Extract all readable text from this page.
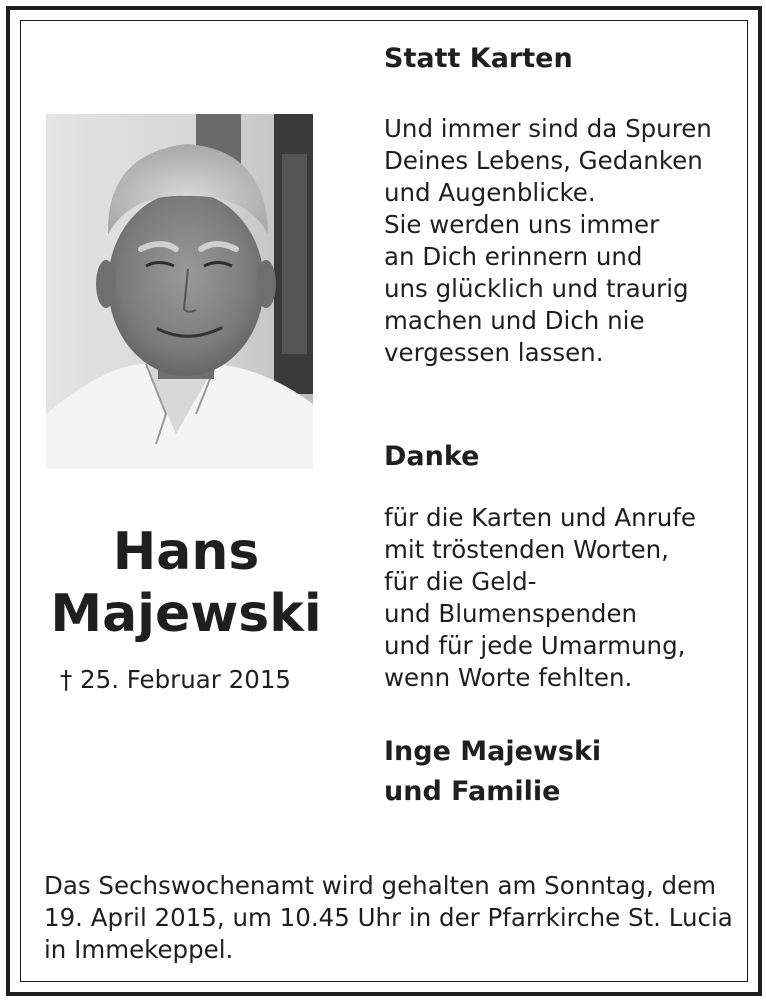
Hans
Majewski
† 25. Februar 2015
Statt Karten
Und immer sind da Spuren
Deines Lebens, Gedanken
und Augenblicke.
Sie werden uns immer
an Dich erinnern und
uns glücklich und traurig
machen und Dich nie
vergessen lassen.
Danke
für die Karten und Anrufe
mit tröstenden Worten,
für die Geld-
und Blumenspenden
und für jede Umarmung,
wenn Worte fehlten.
Inge Majewski
und Familie
Das Sechswochenamt wird gehalten am Sonntag, dem
19. April 2015, um 10.45 Uhr in der Pfarrkirche St. Lucia
in Immekeppel.
